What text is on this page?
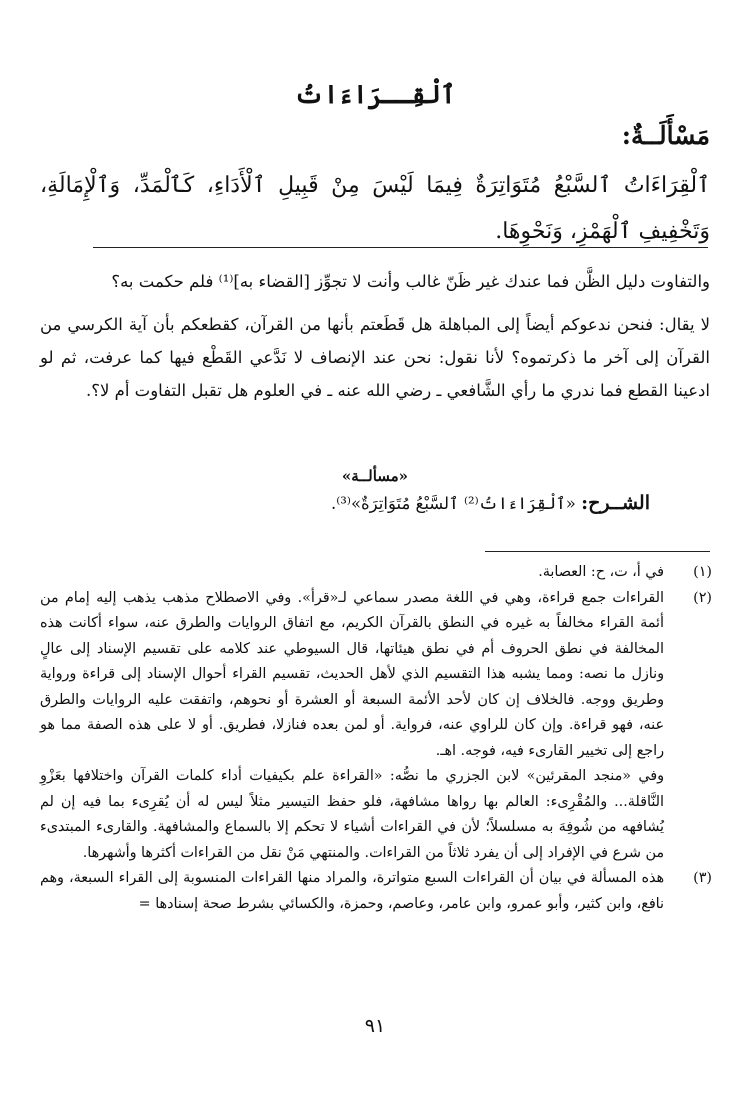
ٱلْقِــرَاءَاتُ
مَسْأَلَــةٌ:
ٱلْقِرَاءَاتُ ٱلسَّبْعُ مُتَوَاتِرَةٌ فِيمَا لَيْسَ مِنْ قَبِيلِ ٱلْأَدَاءِ، كَٱلْمَدِّ، وَٱلْإِمَالَةِ، وَتَخْفِيفِ ٱلْهَمْزِ، وَنَحْوِهَا.

والتفاوت دليل الظَّن فما عندك غير ظَنّ غالب وأنت لا تجوِّز [القضاء به]⁽¹⁾ فلم حكمت به؟

لا يقال: فنحن ندعوكم أيضاً إلى المباهلة هل قَطَعتم بأنها من القرآن، كقطعكم بأن آية الكرسي من القرآن إلى آخر ما ذكرتموه؟ لأنا نقول: نحن عند الإنصاف لا نَدَّعي القَطْع فيها كما عرفت، ثم لو ادعينا القطع فما ندري ما رأي الشَّافعي ـ رضي الله عنه ـ في العلوم هل تقبل التفاوت أم لا؟.

«مسألــة»
الشــرح: «ٱلْقِرَاءَاتُ⁽²⁾ ٱلسَّبْعُ مُتَوَاتِرَةٌ»⁽³⁾.
(١)

في أ، ت، ح: العصابة.

(٢)

القراءات جمع قراءة، وهي في اللغة مصدر سماعي لـ«قرأ». وفي الاصطلاح مذهب يذهب إليه إمام من أئمة القراء مخالفاً به غيره في النطق بالقرآن الكريم، مع اتفاق الروايات والطرق عنه، سواء أكانت هذه المخالفة في نطق الحروف أم في نطق هيئاتها، قال السيوطي عند كلامه على تقسيم الإسناد إلى عالٍ ونازل ما نصه: ومما يشبه هذا التقسيم الذي لأهل الحديث، تقسيم القراء أحوال الإسناد إلى قراءة ورواية وطريق ووجه. فالخلاف إن كان لأحد الأئمة السبعة أو العشرة أو نحوهم، واتفقت عليه الروايات والطرق عنه، فهو قراءة. وإن كان للراوي عنه، فرواية. أو لمن بعده فنازلا، فطريق. أو لا على هذه الصفة مما هو راجع إلى تخيير القارىء فيه، فوجه. اهـ.

وفي «منجد المقرئين» لابن الجزري ما نصُّه: «القراءة علم بكيفيات أداء كلمات القرآن واختلافها بعَزْوِ النَّاقلة... والمُقْرِىء: العالم بها رواها مشافهة، فلو حفظ التيسير مثلاً ليس له أن يُقرِىء بما فيه إن لم يُشافهه من شُوفِهَ به مسلسلاً؛ لأن في القراءات أشياء لا تحكم إلا بالسماع والمشافهة. والقارىء المبتدىء من شرع في الإفراد إلى أن يفرد ثلاثاً من القراءات. والمنتهي مَنْ نقل من القراءات أكثرها وأشهرها.

(٣)

هذه المسألة في بيان أن القراءات السبع متواترة، والمراد منها القراءات المنسوبة إلى القراء السبعة، وهم نافع، وابن كثير، وأبو عمرو، وابن عامر، وعاصم، وحمزة، والكسائي بشرط صحة إسنادها =

٩١
